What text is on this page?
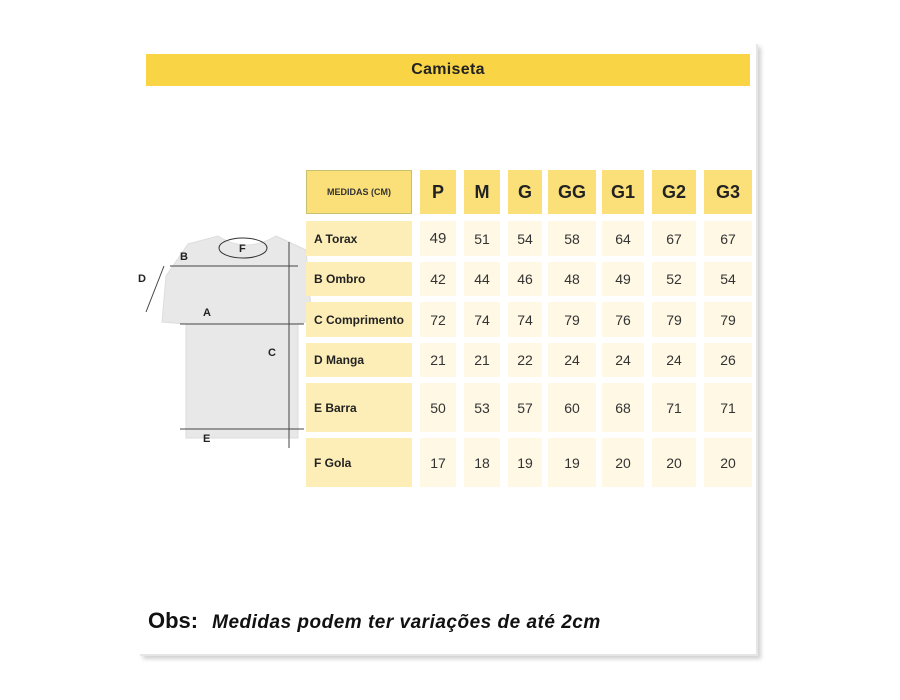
Camiseta
B
F
D
A
C
E
MEDIDAS (CM)	P	M	G	GG	G1	G2	G3
A Torax	49	51	54	58	64	67	67
B Ombro	42	44	46	48	49	52	54
C Comprimento	72	74	74	79	76	79	79
D Manga	21	21	22	24	24	24	26
E Barra	50	53	57	60	68	71	71
F Gola	17	18	19	19	20	20	20
Obs: Medidas podem ter variações de até 2cm
